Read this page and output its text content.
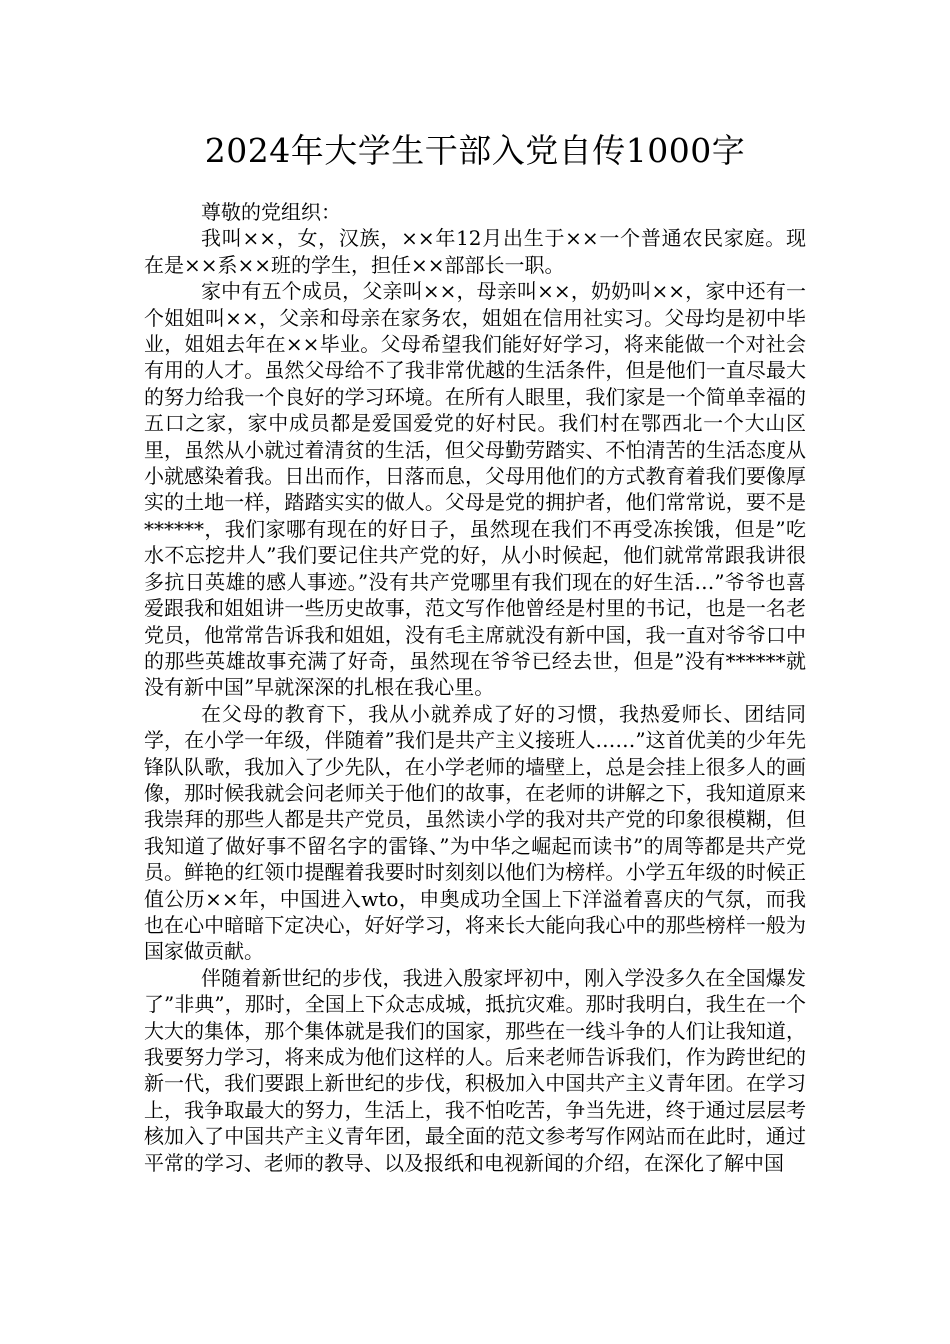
2024年大学生干部入党自传1000字

尊敬的党组织：

我叫××，女，汉族，××年12月出生于××一个普通农民家庭。现在是××系××班的学生，担任××部部长一职。

家中有五个成员，父亲叫××，母亲叫××，奶奶叫××，家中还有一个姐姐叫××，父亲和母亲在家务农，姐姐在信用社实习。父母均是初中毕业，姐姐去年在××毕业。父母希望我们能好好学习，将来能做一个对社会有用的人才。虽然父母给不了我非常优越的生活条件，但是他们一直尽最大的努力给我一个良好的学习环境。在所有人眼里，我们家是一个简单幸福的五口之家，家中成员都是爱国爱党的好村民。我们村在鄂西北一个大山区里，虽然从小就过着清贫的生活，但父母勤劳踏实、不怕清苦的生活态度从小就感染着我。日出而作，日落而息，父母用他们的方式教育着我们要像厚实的土地一样，踏踏实实的做人。父母是党的拥护者，他们常常说，要不是******，我们家哪有现在的好日子，虽然现在我们不再受冻挨饿，但是”吃水不忘挖井人”我们要记住共产党的好，从小时候起，他们就常常跟我讲很多抗日英雄的感人事迹。”没有共产党哪里有我们现在的好生活…”爷爷也喜爱跟我和姐姐讲一些历史故事，范文写作他曾经是村里的书记，也是一名老党员，他常常告诉我和姐姐，没有毛主席就没有新中国，我一直对爷爷口中的那些英雄故事充满了好奇，虽然现在爷爷已经去世，但是”没有******就没有新中国”早就深深的扎根在我心里。

在父母的教育下，我从小就养成了好的习惯，我热爱师长、团结同学，在小学一年级，伴随着”我们是共产主义接班人……”这首优美的少年先锋队队歌，我加入了少先队，在小学老师的墙壁上，总是会挂上很多人的画像，那时候我就会问老师关于他们的故事，在老师的讲解之下，我知道原来我崇拜的那些人都是共产党员，虽然读小学的我对共产党的印象很模糊，但我知道了做好事不留名字的雷锋、”为中华之崛起而读书”的周等都是共产党员。鲜艳的红领巾提醒着我要时时刻刻以他们为榜样。小学五年级的时候正值公历××年，中国进入wto，申奥成功全国上下洋溢着喜庆的气氛，而我也在心中暗暗下定决心，好好学习，将来长大能向我心中的那些榜样一般为国家做贡献。

伴随着新世纪的步伐，我进入殷家坪初中，刚入学没多久在全国爆发了”非典”，那时，全国上下众志成城，抵抗灾难。那时我明白，我生在一个大大的集体，那个集体就是我们的国家，那些在一线斗争的人们让我知道，我要努力学习，将来成为他们这样的人。后来老师告诉我们，作为跨世纪的新一代，我们要跟上新世纪的步伐，积极加入中国共产主义青年团。在学习上，我争取最大的努力，生活上，我不怕吃苦，争当先进，终于通过层层考核加入了中国共产主义青年团，最全面的范文参考写作网站而在此时，通过平常的学习、老师的教导、以及报纸和电视新闻的介绍，在深化了解中国
